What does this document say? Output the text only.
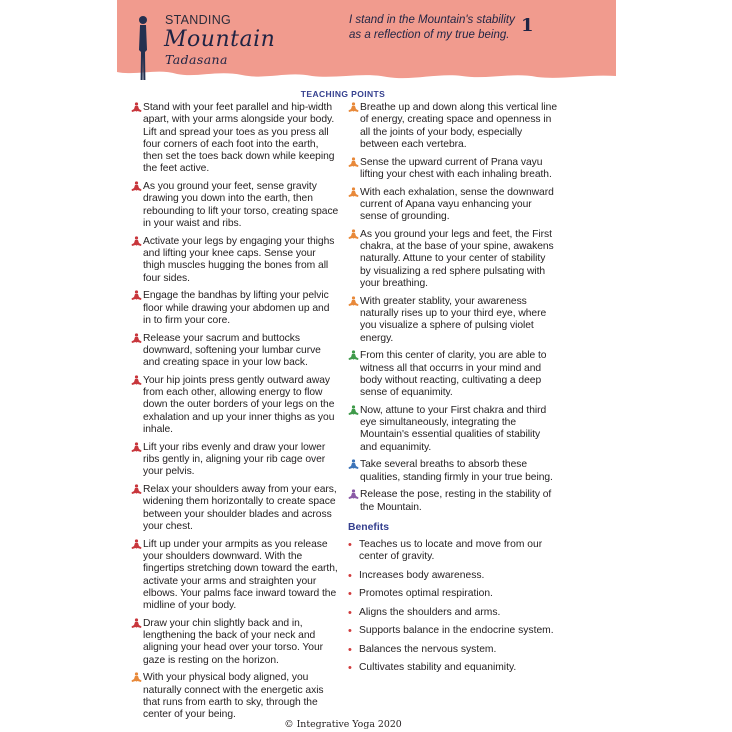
STANDING
Mountain
Tadasana
I stand in the Mountain's stability as a reflection of my true being. 1
TEACHING POINTS
Stand with your feet parallel and hip-width apart, with your arms alongside your body. Lift and spread your toes as you press all four corners of each foot into the earth, then set the toes back down while keeping the feet active.
As you ground your feet, sense gravity drawing you down into the earth, then rebounding to lift your torso, creating space in your waist and ribs.
Activate your legs by engaging your thighs and lifting your knee caps. Sense your thigh muscles hugging the bones from all four sides.
Engage the bandhas by lifting your pelvic floor while drawing your abdomen up and in to firm your core.
Release your sacrum and buttocks downward, softening your lumbar curve and creating space in your low back.
Your hip joints press gently outward away from each other, allowing energy to flow down the outer borders of your legs on the exhalation and up your inner thighs as you inhale.
Lift your ribs evenly and draw your lower ribs gently in, aligning your rib cage over your pelvis.
Relax your shoulders away from your ears, widening them horizontally to create space between your shoulder blades and across your chest.
Lift up under your armpits as you release your shoulders downward. With the fingertips stretching down toward the earth, activate your arms and straighten your elbows. Your palms face inward toward the midline of your body.
Draw your chin slightly back and in, lengthening the back of your neck and aligning your head over your torso. Your gaze is resting on the horizon.
With your physical body aligned, you naturally connect with the energetic axis that runs from earth to sky, through the center of your being.
Breathe up and down along this vertical line of energy, creating space and openness in all the joints of your body, especially between each vertebra.
Sense the upward current of Prana vayu lifting your chest with each inhaling breath.
With each exhalation, sense the downward current of Apana vayu enhancing your sense of grounding.
As you ground your legs and feet, the First chakra, at the base of your spine, awakens naturally. Attune to your center of stability by visualizing a red sphere pulsating with your breathing.
With greater stablity, your awareness naturally rises up to your third eye, where you visualize a sphere of pulsing violet energy.
From this center of clarity, you are able to witness all that occurrs in your mind and body without reacting, cultivating a deep sense of equanimity.
Now, attune to your First chakra and third eye simultaneously, integrating the Mountain's essential qualities of stability and equanimity.
Take several breaths to absorb these qualities, standing firmly in your true being.
Release the pose, resting in the stability of the Mountain.
Benefits
• Teaches us to locate and move from our center of gravity.
• Increases body awareness.
• Promotes optimal respiration.
• Aligns the shoulders and arms.
• Supports balance in the endocrine system.
• Balances the nervous system.
• Cultivates stability and equanimity.
© Integrative Yoga 2020
